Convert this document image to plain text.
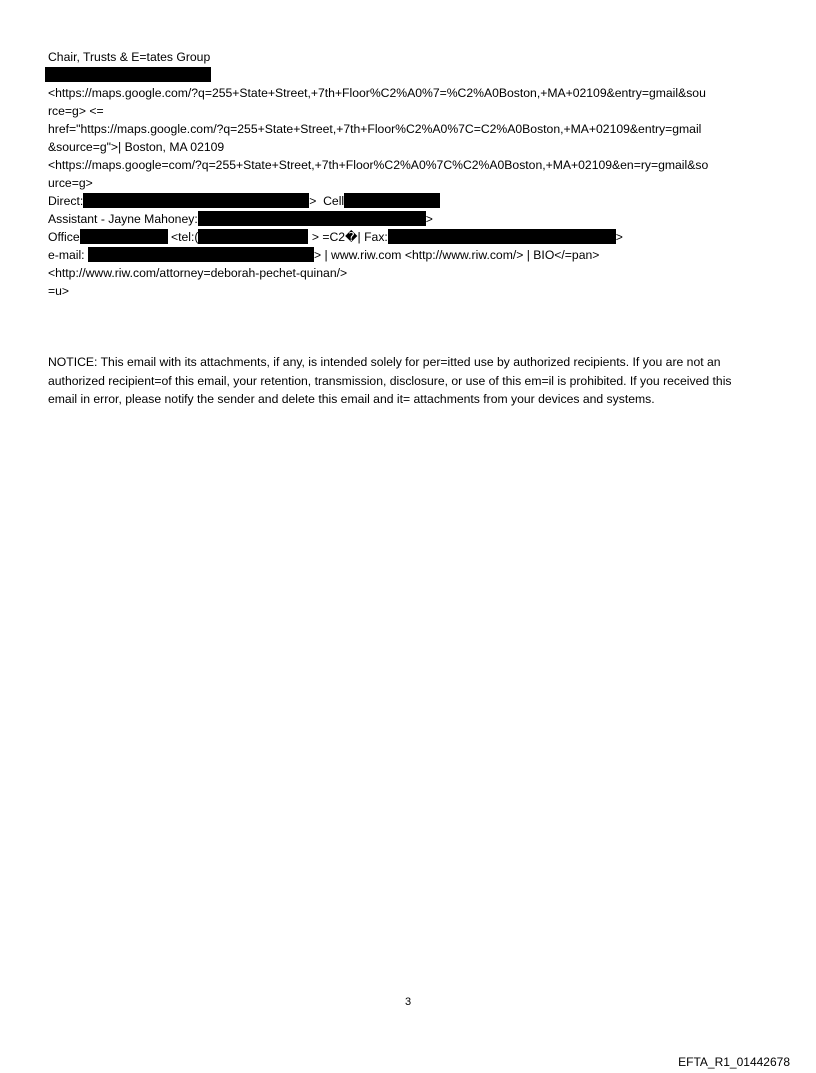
Chair, Trusts & E=tates Group
<https://maps.google.com/?q=255+State+Street,+7th+Floor%C2%A0%7=%C2%A0Boston,+MA+02109&entry=gmail&sou
rce=g> <=
href="https://maps.google.com/?q=255+State+Street,+7th+Floor%C2%A0%7C=C2%A0Boston,+MA+02109&entry=gmail
&source=g">| Boston, MA 02109
<https://maps.google=com/?q=255+State+Street,+7th+Floor%C2%A0%7C%C2%A0Boston,+MA+02109&en=ry=gmail&so
urce=g>
Direct:	> Cell
Assistant - Jayne Mahoney:	>
Office	<tel:(	> =C2�| Fax:	>
e-mail:	> | www.riw.com <http://www.riw.com/> | BIO</=pan>
<http://www.riw.com/attorney=deborah-pechet-quinan/>
=u>

NOTICE: This email with its attachments, if any, is intended solely for per=itted use by authorized recipients. If you are not an authorized recipient=of this email, your retention, transmission, disclosure, or use of this em=il is prohibited. If you received this email in error, please notify the sender and delete this email and it= attachments from your devices and systems.

3
EFTA_R1_01442678
